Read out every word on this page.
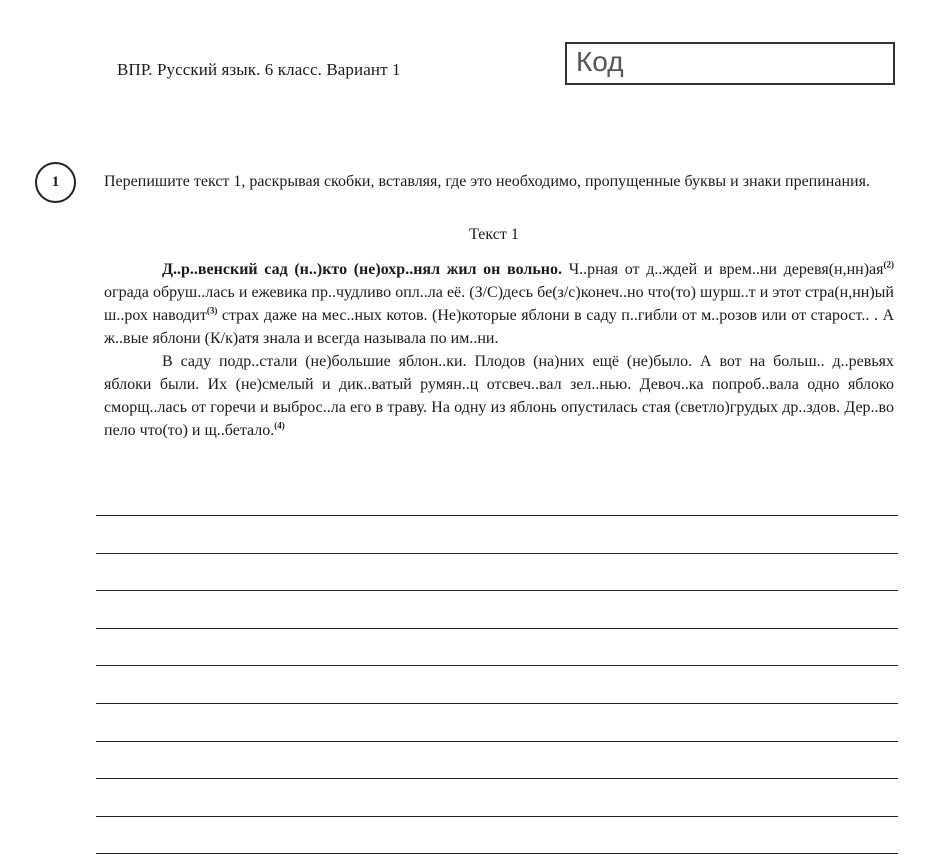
ВПР. Русский язык. 6 класс. Вариант 1	Код
1	Перепишите текст 1, раскрывая скобки, вставляя, где это необходимо, пропущенные буквы и знаки препинания.
Текст 1

Д..р..венский сад (н..)кто (не)охр..нял жил он вольно. Ч..рная от д..ждей и врем..ни $деревя(н,нн)ая^{(2)}$ ограда обруш..лась и ежевика пр..чудливо опл..ла её. (З/С)десь бе(з/с)конеч..но что(то) шурш..т и этот стра(н,нн)ый ш..рох наводит$^{(3)}$ страх даже на мес..ных котов. (Не)которые яблони в саду п..гибли от м..розов или от старост.. . А ж..вые яблони (К/к)атя знала и всегда называла по им..ни.

В саду подр..стали (не)большие яблон..ки. Плодов (на)них ещё (не)было. А вот на больш.. д..ревьях яблоки были. Их (не)смелый и дик..ватый румян..ц отсвеч..вал зел..нью. Девоч..ка попроб..вала одно яблоко сморщ..лась от горечи и выброс..ла его в траву. На одну из яблонь опустилась стая (светло)грудых др..здов. Дер..во пело что(то) и щ..бетало.$^{(4)}$
